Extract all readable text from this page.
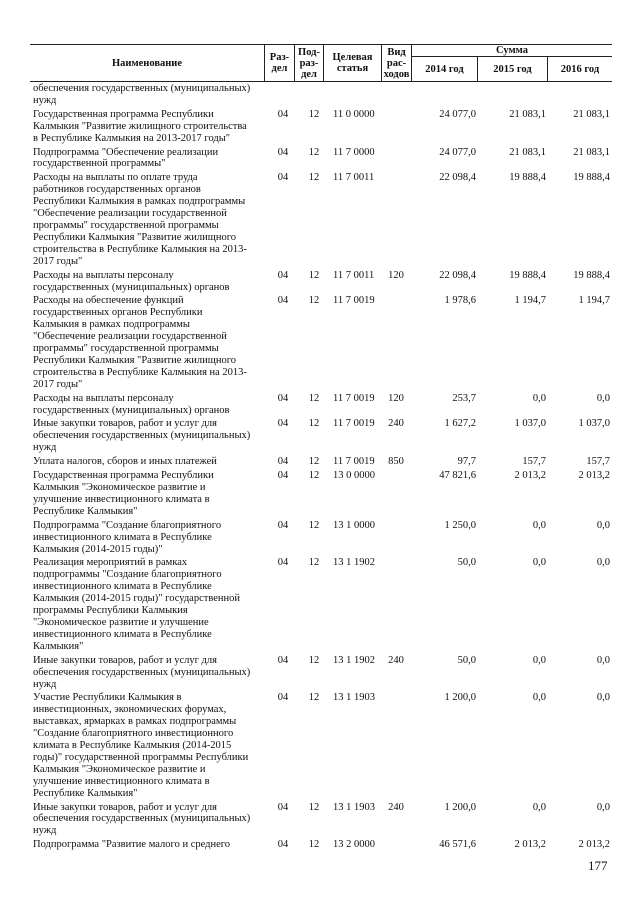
Наименование	Раз-
дел
Под-
раз-
дел
Целевая
статья
Вид
рас-
ходов
Сумма
2014 год	2015 год	2016 год
обеспечения государственных (муниципальных)
нужд
Государственная программа Республики
Калмыкия "Развитие жилищного строительства
в Республике Калмыкия на 2013-2017 годы"
04 12 11 0 0000	24 077,0	21 083,1	21 083,1
Подпрограмма "Обеспечение реализации
государственной программы"
04 12 11 7 0000	24 077,0	21 083,1	21 083,1
Расходы на выплаты по оплате труда
работников государственных органов
Республики Калмыкия в рамках подпрограммы
"Обеспечение реализации государственной
программы" государственной программы
Республики Калмыкия "Развитие жилищного
строительства в Республике Калмыкия на 2013-
2017 годы"
04 12 11 7 0011	22 098,4	19 888,4	19 888,4
Расходы на выплаты персоналу
государственных (муниципальных) органов
04 12 11 7 0011	120	22 098,4	19 888,4	19 888,4
Расходы на обеспечение функций
государственных органов Республики
Калмыкия в рамках подпрограммы
"Обеспечение реализации государственной
программы" государственной программы
Республики Калмыкия "Развитие жилищного
строительства в Республике Калмыкия на 2013-
2017 годы"
04 12 11 7 0019	1 978,6	1 194,7	1 194,7
Расходы на выплаты персоналу
государственных (муниципальных) органов
04 12 11 7 0019	120	253,7	0,0	0,0
Иные закупки товаров, работ и услуг для
обеспечения государственных (муниципальных)
нужд
04 12 11 7 0019	240	1 627,2	1 037,0	1 037,0
Уплата налогов, сборов и иных платежей	04 12 11 7 0019	850	97,7	157,7	157,7
Государственная программа Республики
Калмыкия "Экономическое развитие и
улучшение инвестиционного климата в
Республике Калмыкия"
04 12 13 0 0000	47 821,6	2 013,2	2 013,2
Подпрограмма "Создание благоприятного
инвестиционного климата в Республике
Калмыкия (2014-2015 годы)"
04 12 13 1 0000	1 250,0	0,0	0,0
Реализация мероприятий в рамках
подпрограммы "Создание благоприятного
инвестиционного климата в Республике
Калмыкия (2014-2015 годы)" государственной
программы Республики Калмыкия
"Экономическое развитие и улучшение
инвестиционного климата в Республике
Калмыкия"
04 12 13 1 1902	50,0	0,0	0,0
Иные закупки товаров, работ и услуг для
обеспечения государственных (муниципальных)
нужд
04 12 13 1 1902	240	50,0	0,0	0,0
Участие Республики Калмыкия в
инвестиционных, экономических форумах,
выставках, ярмарках в рамках подпрограммы
"Создание благоприятного инвестиционного
климата в Республике Калмыкия (2014-2015
годы)" государственной программы Республики
Калмыкия "Экономическое развитие и
улучшение инвестиционного климата в
Республике Калмыкия"
04 12 13 1 1903	1 200,0	0,0	0,0
Иные закупки товаров, работ и услуг для
обеспечения государственных (муниципальных)
нужд
04 12 13 1 1903	240	1 200,0	0,0	0,0
Подпрограмма "Развитие малого и среднего	04 12 13 2 0000	46 571,6	2 013,2	2 013,2
177
